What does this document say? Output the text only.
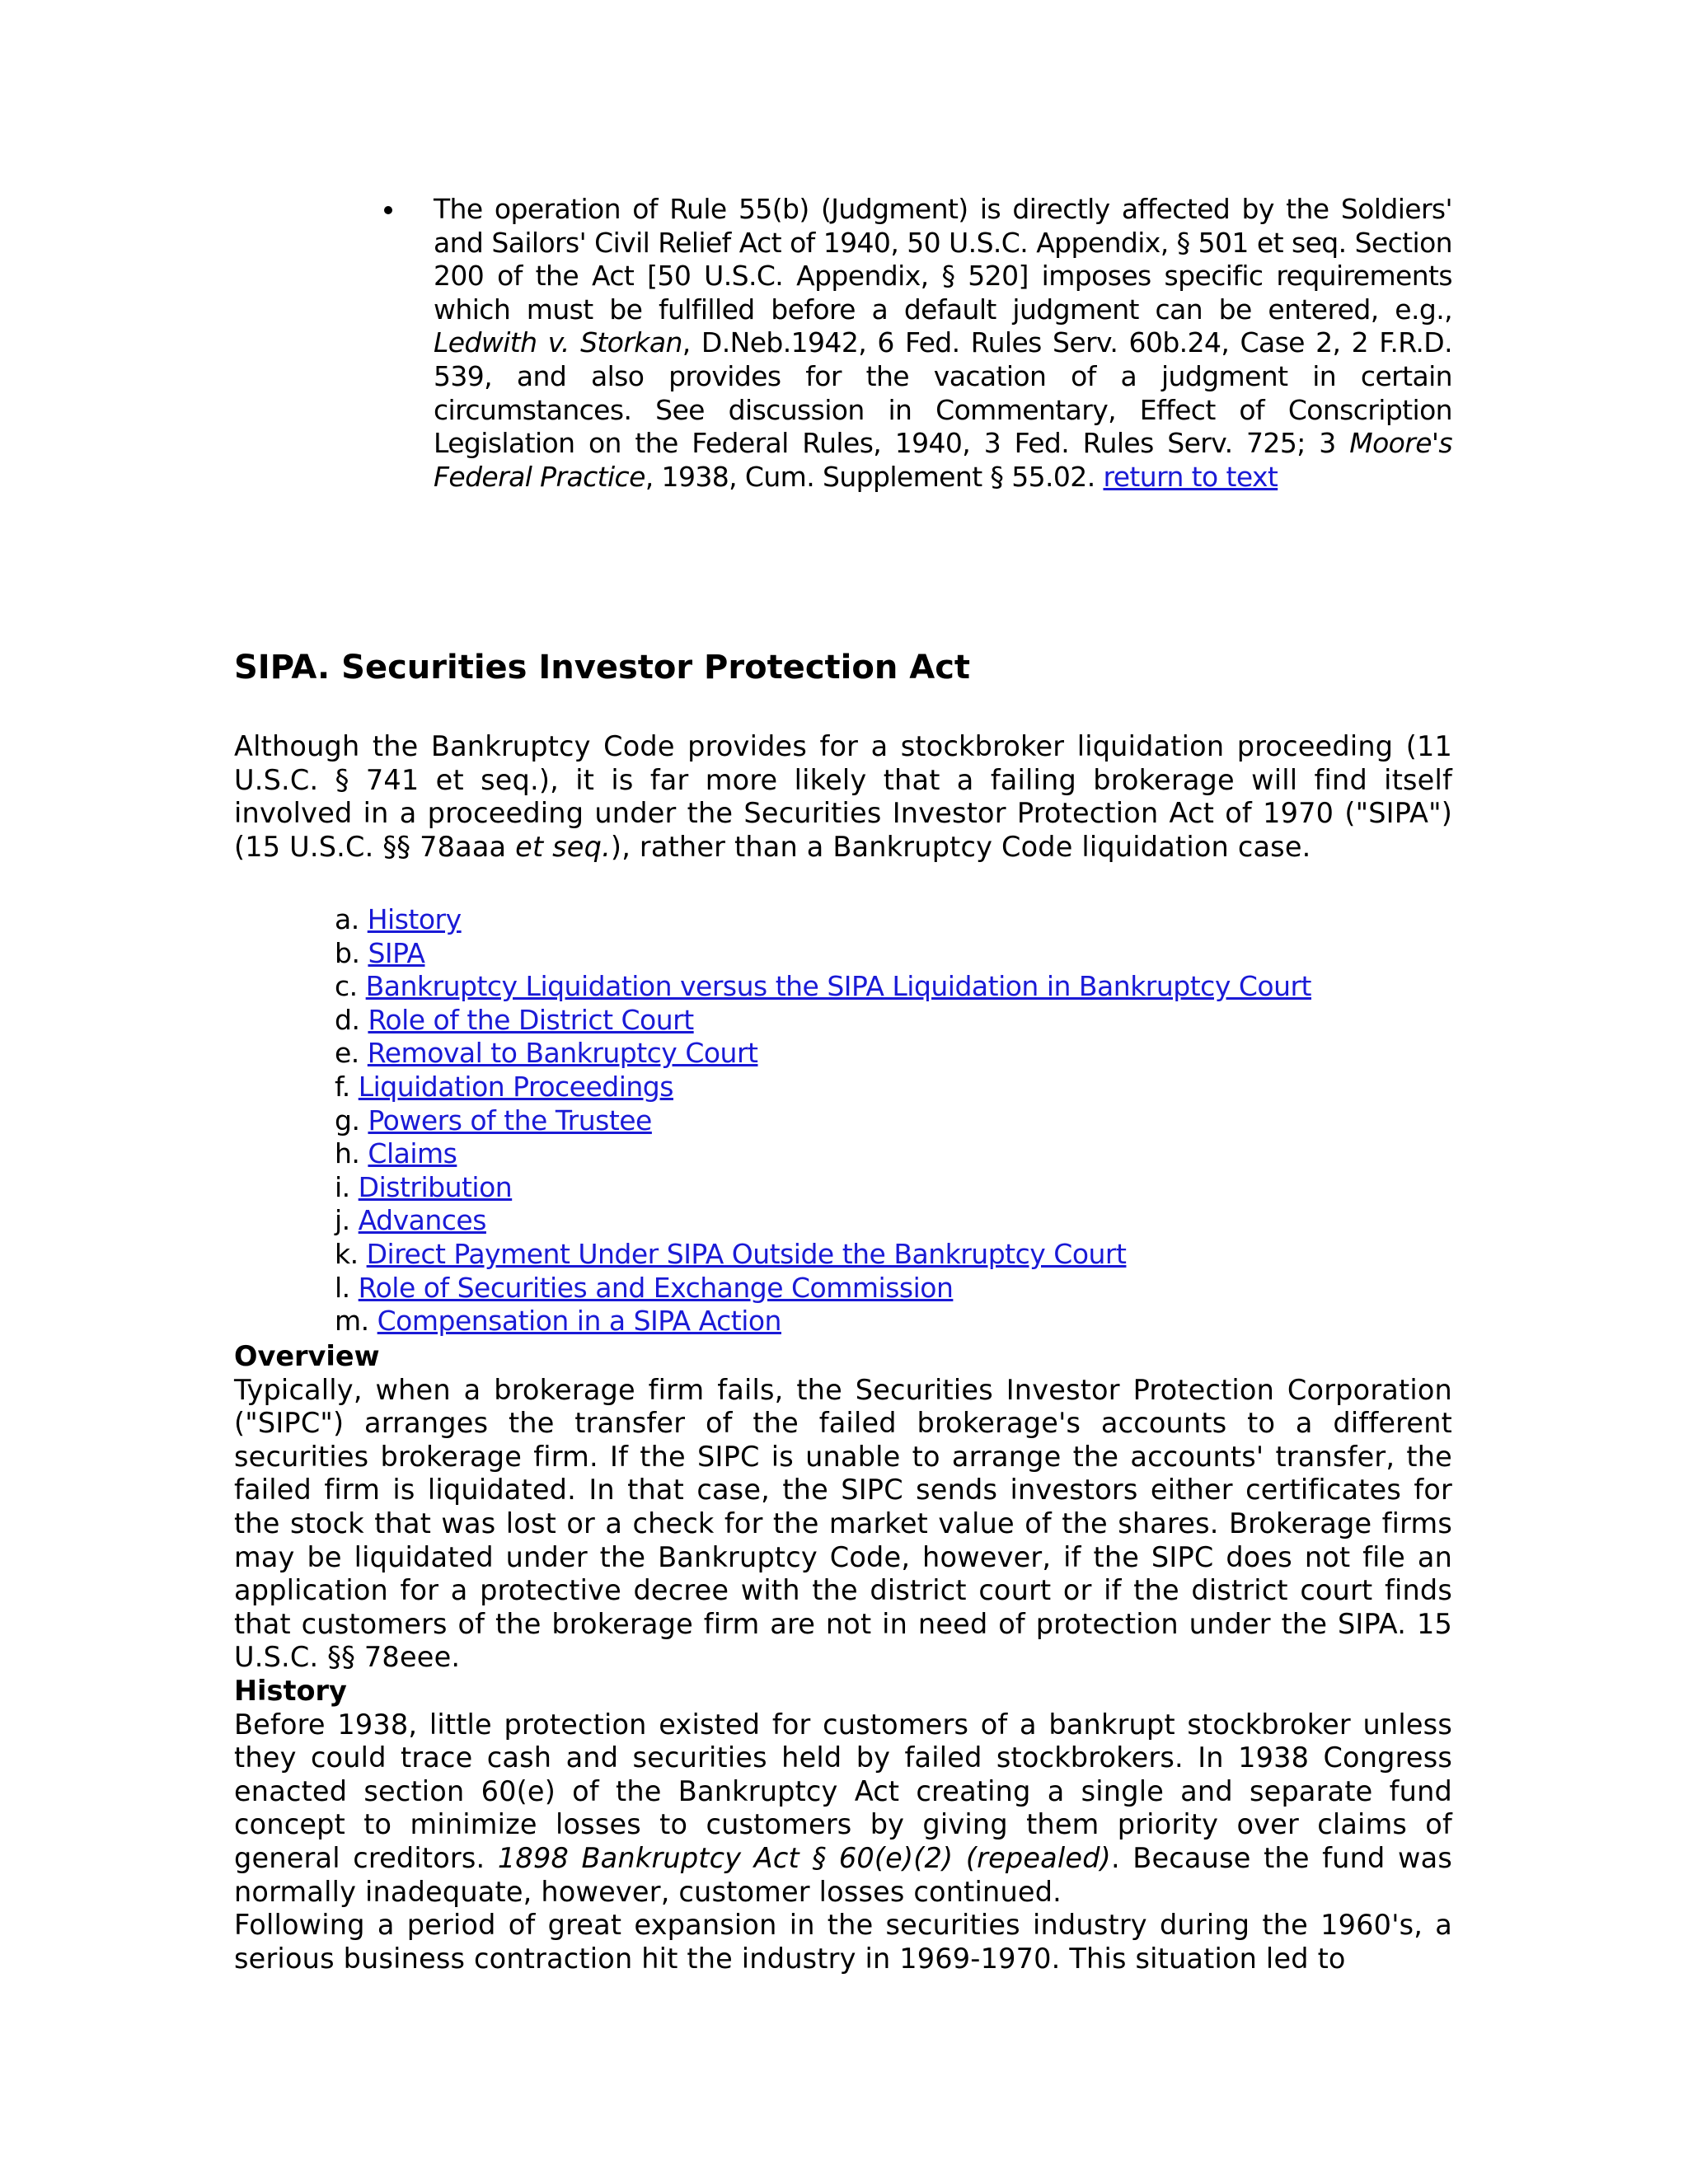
The operation of Rule 55(b) (Judgment) is directly affected by the Soldiers' and Sailors' Civil Relief Act of 1940, 50 U.S.C. Appendix, § 501 et seq. Section 200 of the Act [50 U.S.C. Appendix, § 520] imposes specific requirements which must be fulfilled before a default judgment can be entered, e.g., Ledwith v. Storkan, D.Neb.1942, 6 Fed. Rules Serv. 60b.24, Case 2, 2 F.R.D. 539, and also provides for the vacation of a judgment in certain circumstances. See discussion in Commentary, Effect of Conscription Legislation on the Federal Rules, 1940, 3 Fed. Rules Serv. 725; 3 Moore's Federal Practice, 1938, Cum. Supplement § 55.02. return to text

SIPA. Securities Investor Protection Act

Although the Bankruptcy Code provides for a stockbroker liquidation proceeding (11 U.S.C. § 741 et seq.), it is far more likely that a failing brokerage will find itself involved in a proceeding under the Securities Investor Protection Act of 1970 ("SIPA") (15 U.S.C. §§ 78aaa et seq.), rather than a Bankruptcy Code liquidation case.

a. History
b. SIPA
c. Bankruptcy Liquidation versus the SIPA Liquidation in Bankruptcy Court
d. Role of the District Court
e. Removal to Bankruptcy Court
f. Liquidation Proceedings
g. Powers of the Trustee
h. Claims
i. Distribution
j. Advances
k. Direct Payment Under SIPA Outside the Bankruptcy Court
l. Role of Securities and Exchange Commission
m. Compensation in a SIPA Action
Overview

Typically, when a brokerage firm fails, the Securities Investor Protection Corporation ("SIPC") arranges the transfer of the failed brokerage's accounts to a different securities brokerage firm. If the SIPC is unable to arrange the accounts' transfer, the failed firm is liquidated. In that case, the SIPC sends investors either certificates for the stock that was lost or a check for the market value of the shares. Brokerage firms may be liquidated under the Bankruptcy Code, however, if the SIPC does not file an application for a protective decree with the district court or if the district court finds that customers of the brokerage firm are not in need of protection under the SIPA. 15 U.S.C. §§ 78eee.

History

Before 1938, little protection existed for customers of a bankrupt stockbroker unless they could trace cash and securities held by failed stockbrokers. In 1938 Congress enacted section 60(e) of the Bankruptcy Act creating a single and separate fund concept to minimize losses to customers by giving them priority over claims of general creditors. 1898 Bankruptcy Act § 60(e)(2) (repealed). Because the fund was normally inadequate, however, customer losses continued.

Following a period of great expansion in the securities industry during the 1960's, a serious business contraction hit the industry in 1969-1970. This situation led to
